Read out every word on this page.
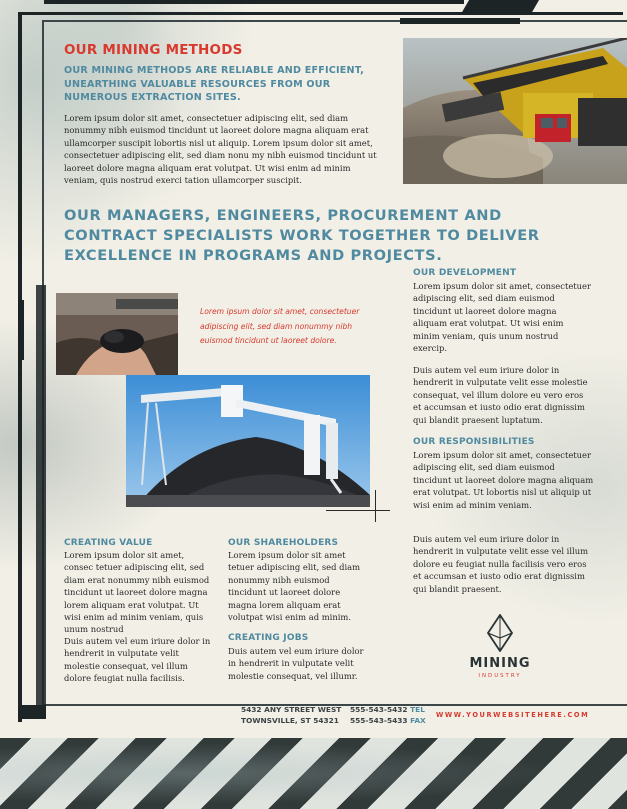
OUR MINING METHODS
OUR MINING METHODS ARE RELIABLE AND EFFICIENT, UNEARTHING VALUABLE RESOURCES FROM OUR NUMEROUS EXTRACTION SITES.
Lorem ipsum dolor sit amet, consectetuer adipiscing elit, sed diam nonummy nibh euismod tincidunt ut laoreet dolore magna aliquam erat ullamcorper suscipit lobortis nisl ut aliquip. Lorem ipsum dolor sit amet, consectetuer adipiscing elit, sed diam nonu my nibh euismod tincidunt ut laoreet dolore magna aliquam erat volutpat. Ut wisi enim ad minim veniam, quis nostrud exerci tation ullamcorper suscipit.
OUR MANAGERS, ENGINEERS, PROCUREMENT AND CONTRACT SPECIALISTS WORK TOGETHER TO DELIVER EXCELLENCE IN PROGRAMS AND PROJECTS.
Lorem ipsum dolor sit amet, consectetuer adipiscing elit, sed diam nonummy nibh euismod tincidunt ut laoreet dolore.
OUR DEVELOPMENT
Lorem ipsum dolor sit amet, consectetuer adipiscing elit, sed diam euismod tincidunt ut laoreet dolore magna aliquam erat volutpat. Ut wisi enim minim veniam, quis unum nostrud exercip.
Duis autem vel eum iriure dolor in hendrerit in vulputate velit esse molestie consequat, vel illum dolore eu vero eros et accumsan et iusto odio erat dignissim qui blandit praesent luptatum.
OUR RESPONSIBILITIES
Lorem ipsum dolor sit amet, consectetuer adipiscing elit, sed diam euismod tincidunt ut laoreet dolore magna aliquam erat volutpat. Ut lobortis nisl ut aliquip ut wisi enim ad minim veniam.
Duis autem vel eum iriure dolor in hendrerit in vulputate velit esse vel illum dolore eu feugiat nulla facilisis vero eros et accumsan et iusto odio erat dignissim qui blandit praesent.
CREATING VALUE
Lorem ipsum dolor sit amet, consec tetuer adipiscing elit, sed diam erat nonummy nibh euismod tincidunt ut laoreet dolore magna lorem aliquam erat volutpat. Ut wisi enim ad minim veniam, quis unum nostrud
Duis autem vel eum iriure dolor in hendrerit in vulputate velit molestie consequat, vel illum dolore feugiat nulla facilisis.
OUR SHAREHOLDERS
Lorem ipsum dolor sit amet tetuer adipiscing elit, sed diam nonummy nibh euismod tincidunt ut laoreet dolore magna lorem aliquam erat volutpat wisi enim ad minim.
CREATING JOBS
Duis autem vel eum iriure dolor in hendrerit in vulputate velit molestie consequat, vel illumr.
MINING
INDUSTRY
5432 ANY STREET WEST
TOWNSVILLE, ST 54321
555-543-5432 TEL
555-543-5433 FAX
WWW.YOURWEBSITEHERE.COM
